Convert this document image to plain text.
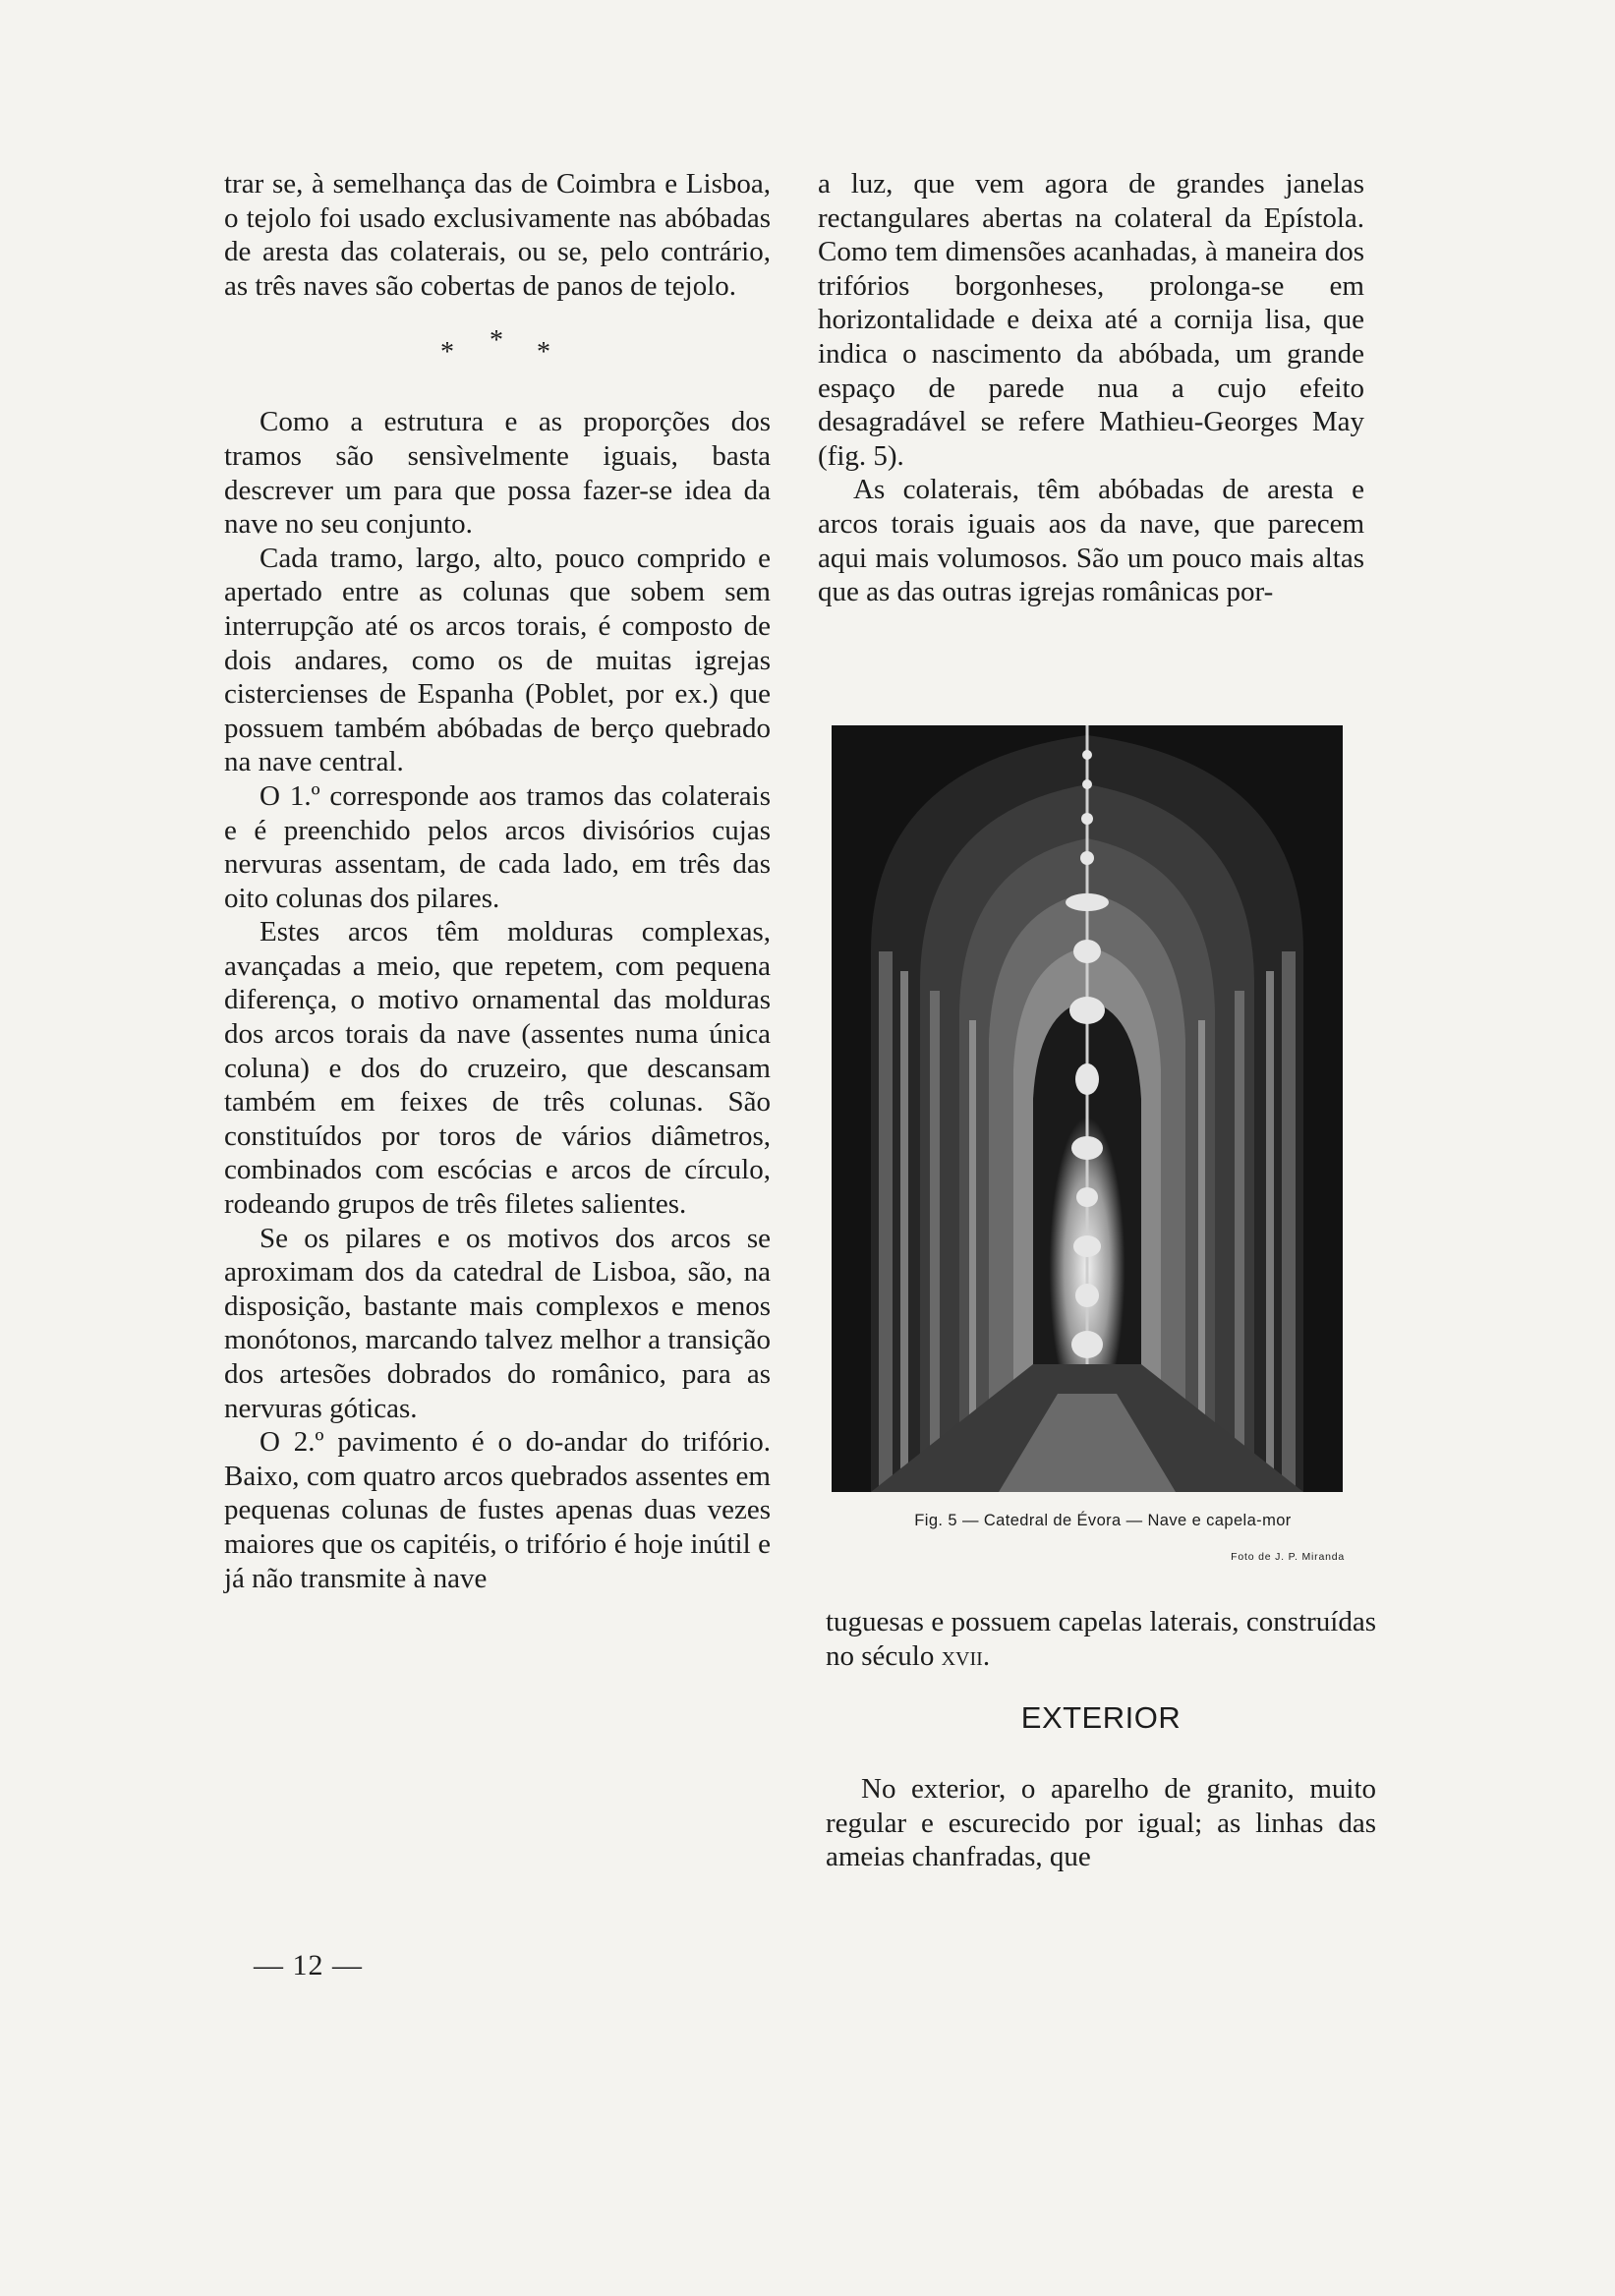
trar se, à semelhança das de Coimbra e Lisboa, o tejolo foi usado exclusivamente nas abóbadas de aresta das colaterais, ou se, pelo contrário, as três naves são cobertas de panos de tejolo.

* * *

Como a estrutura e as proporções dos tramos são sensìvelmente iguais, basta descrever um para que possa fazer-se idea da nave no seu conjunto.

Cada tramo, largo, alto, pouco comprido e apertado entre as colunas que sobem sem interrupção até os arcos torais, é composto de dois andares, como os de muitas igrejas cistercienses de Espanha (Poblet, por ex.) que possuem também abóbadas de berço quebrado na nave central.

O 1.º corresponde aos tramos das colaterais e é preenchido pelos arcos divisórios cujas nervuras assentam, de cada lado, em três das oito colunas dos pilares.

Estes arcos têm molduras complexas, avançadas a meio, que repetem, com pequena diferença, o motivo ornamental das molduras dos arcos torais da nave (assentes numa única coluna) e dos do cruzeiro, que descansam também em feixes de três colunas. São constituídos por toros de vários diâmetros, combinados com escócias e arcos de círculo, rodeando grupos de três filetes salientes.

Se os pilares e os motivos dos arcos se aproximam dos da catedral de Lisboa, são, na disposição, bastante mais complexos e menos monótonos, marcando talvez melhor a transição dos artesões dobrados do românico, para as nervuras góticas.

O 2.º pavimento é o do-andar do trifório. Baixo, com quatro arcos quebrados assentes em pequenas colunas de fustes apenas duas vezes maiores que os capitéis, o trifório é hoje inútil e já não transmite à nave

a luz, que vem agora de grandes janelas rectangulares abertas na colateral da Epístola. Como tem dimensões acanhadas, à maneira dos trifórios borgonheses, prolonga-se em horizontalidade e deixa até a cornija lisa, que indica o nascimento da abóbada, um grande espaço de parede nua a cujo efeito desagradável se refere Mathieu-Georges May (fig. 5).

As colaterais, têm abóbadas de aresta e arcos torais iguais aos da nave, que parecem aqui mais volumosos. São um pouco mais altas que as das outras igrejas românicas por-

Fig. 5 — Catedral de Évora — Nave e capela-mor
Foto de J. P. Miranda

tuguesas e possuem capelas laterais, construídas no século xvii.

EXTERIOR

No exterior, o aparelho de granito, muito regular e escurecido por igual; as linhas das ameias chanfradas, que

— 12 —
